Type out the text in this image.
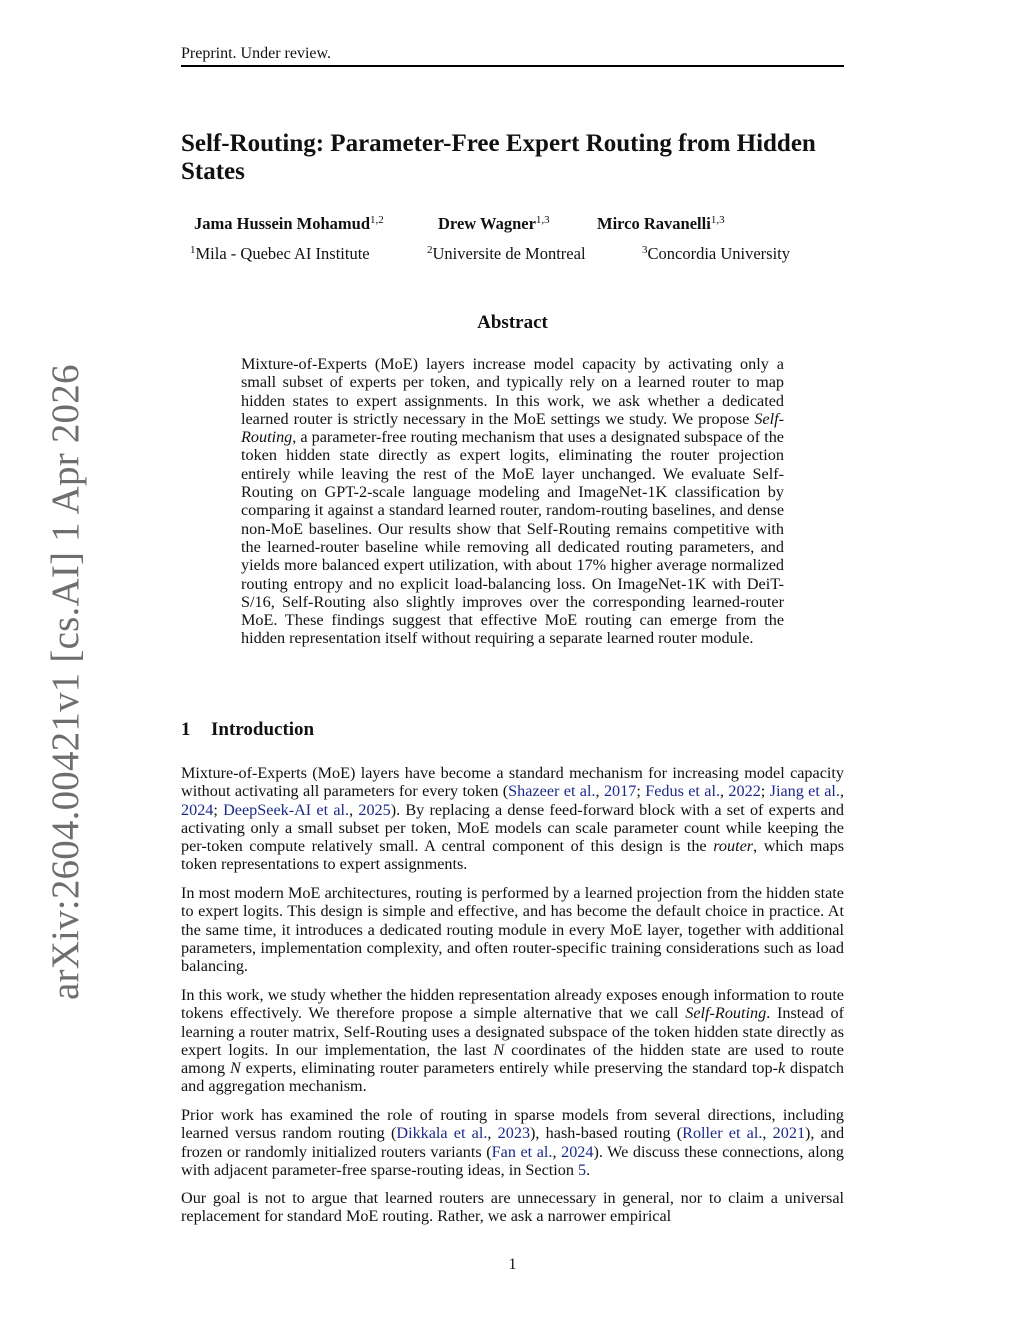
Preprint. Under review.
arXiv:2604.00421v1 [cs.AI] 1 Apr 2026
Self-Routing: Parameter-Free Expert Routing from Hidden States
Jama Hussein Mohamud$^{1,2}$	Drew Wagner$^{1,3}$	Mirco Ravanelli$^{1,3}$
$^1$Mila - Quebec AI Institute	$^2$Universite de Montreal	$^3$Concordia University
Abstract

Mixture-of-Experts (MoE) layers increase model capacity by activating only a small subset of experts per token, and typically rely on a learned router to map hidden states to expert assignments. In this work, we ask whether a dedicated learned router is strictly necessary in the MoE settings we study. We propose Self-Routing, a parameter-free routing mechanism that uses a designated subspace of the token hidden state directly as expert logits, eliminating the router projection entirely while leaving the rest of the MoE layer unchanged. We evaluate Self-Routing on GPT-2-scale language modeling and ImageNet-1K classification by comparing it against a standard learned router, random-routing baselines, and dense non-MoE baselines. Our results show that Self-Routing remains competitive with the learned-router baseline while removing all dedicated routing parameters, and yields more balanced expert utilization, with about 17% higher average normalized routing entropy and no explicit load-balancing loss. On ImageNet-1K with DeiT-S/16, Self-Routing also slightly improves over the corresponding learned-router MoE. These findings suggest that effective MoE routing can emerge from the hidden representation itself without requiring a separate learned router module.

1 Introduction

Mixture-of-Experts (MoE) layers have become a standard mechanism for increasing model capacity without activating all parameters for every token (Shazeer et al., 2017; Fedus et al., 2022; Jiang et al., 2024; DeepSeek-AI et al., 2025). By replacing a dense feed-forward block with a set of experts and activating only a small subset per token, MoE models can scale parameter count while keeping the per-token compute relatively small. A central component of this design is the router, which maps token representations to expert assignments.

In most modern MoE architectures, routing is performed by a learned projection from the hidden state to expert logits. This design is simple and effective, and has become the default choice in practice. At the same time, it introduces a dedicated routing module in every MoE layer, together with additional parameters, implementation complexity, and often router-specific training considerations such as load balancing.

In this work, we study whether the hidden representation already exposes enough information to route tokens effectively. We therefore propose a simple alternative that we call Self-Routing. Instead of learning a router matrix, Self-Routing uses a designated subspace of the token hidden state directly as expert logits. In our implementation, the last N coordinates of the hidden state are used to route among N experts, eliminating router parameters entirely while preserving the standard top-k dispatch and aggregation mechanism.

Prior work has examined the role of routing in sparse models from several directions, including learned versus random routing (Dikkala et al., 2023), hash-based routing (Roller et al., 2021), and frozen or randomly initialized routers variants (Fan et al., 2024). We discuss these connections, along with adjacent parameter-free sparse-routing ideas, in Section 5.

Our goal is not to argue that learned routers are unnecessary in general, nor to claim a universal replacement for standard MoE routing. Rather, we ask a narrower empirical

1
